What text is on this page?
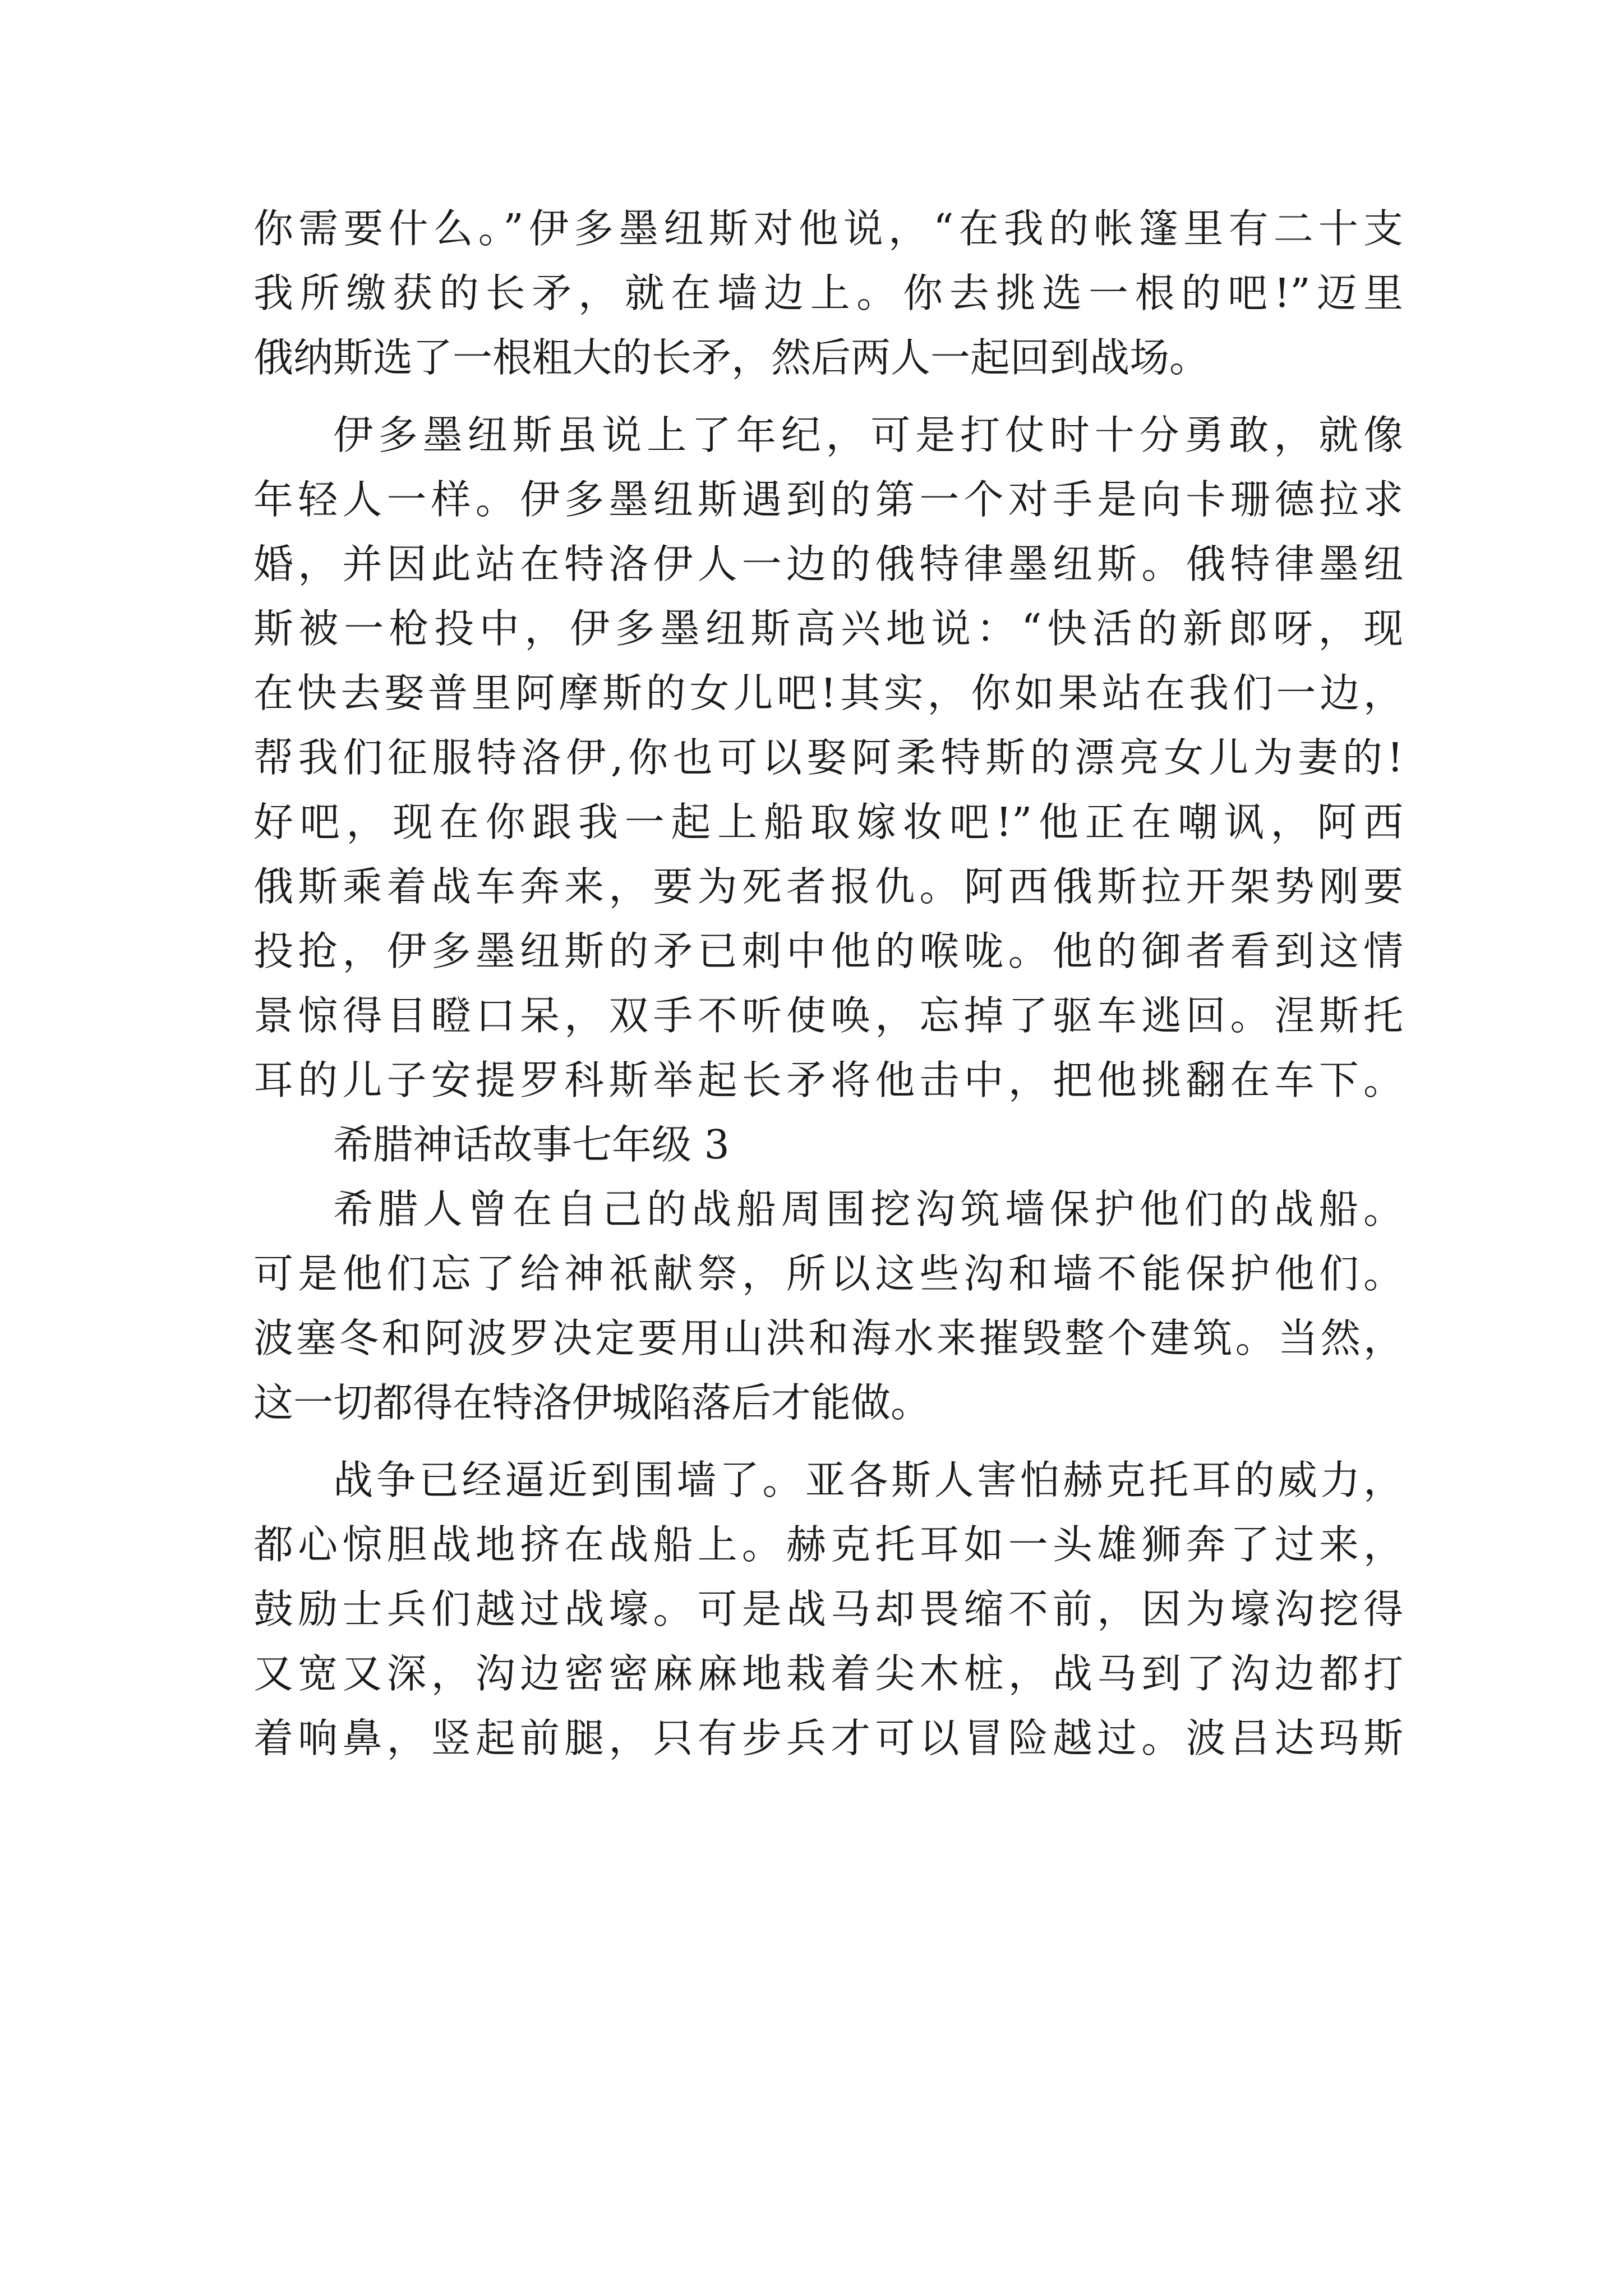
你需要什么。”伊多墨纽斯对他说，“在我的帐篷里有二十支
我所缴获的长矛，就在墙边上。你去挑选一根的吧!”迈里
俄纳斯选了一根粗大的长矛，然后两人一起回到战场。
伊多墨纽斯虽说上了年纪，可是打仗时十分勇敢，就像
年轻人一样。伊多墨纽斯遇到的第一个对手是向卡珊德拉求
婚，并因此站在特洛伊人一边的俄特律墨纽斯。俄特律墨纽
斯被一枪投中，伊多墨纽斯高兴地说：“快活的新郎呀，现
在快去娶普里阿摩斯的女儿吧!其实，你如果站在我们一边，
帮我们征服特洛伊,你也可以娶阿柔特斯的漂亮女儿为妻的!
好吧，现在你跟我一起上船取嫁妆吧!”他正在嘲讽，阿西
俄斯乘着战车奔来，要为死者报仇。阿西俄斯拉开架势刚要
投抢，伊多墨纽斯的矛已刺中他的喉咙。他的御者看到这情
景惊得目瞪口呆，双手不听使唤，忘掉了驱车逃回。涅斯托
耳的儿子安提罗科斯举起长矛将他击中，把他挑翻在车下。
希腊神话故事七年级 3
希腊人曾在自己的战船周围挖沟筑墙保护他们的战船。
可是他们忘了给神祇献祭，所以这些沟和墙不能保护他们。
波塞冬和阿波罗决定要用山洪和海水来摧毁整个建筑。当然，
这一切都得在特洛伊城陷落后才能做。
战争已经逼近到围墙了。亚各斯人害怕赫克托耳的威力，
都心惊胆战地挤在战船上。赫克托耳如一头雄狮奔了过来，
鼓励士兵们越过战壕。可是战马却畏缩不前，因为壕沟挖得
又宽又深，沟边密密麻麻地栽着尖木桩，战马到了沟边都打
着响鼻，竖起前腿，只有步兵才可以冒险越过。波吕达玛斯
